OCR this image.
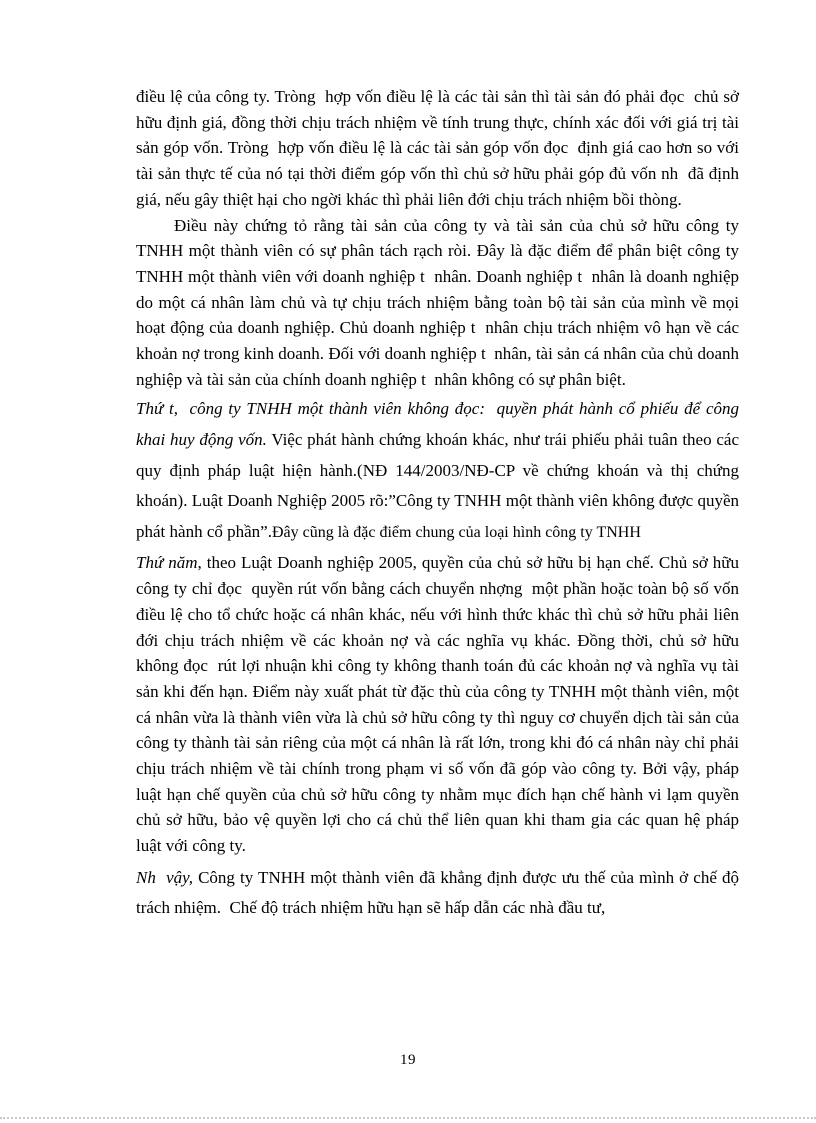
điều lệ của công ty. Tròng  hợp vốn điều lệ là các tài sản thì tài sản đó phải đọc  chủ sở hữu định giá, đồng thời chịu trách nhiệm về tính trung thực, chính xác đối với giá trị tài sản góp vốn. Tròng  hợp vốn điều lệ là các tài sản góp vốn đọc  định giá cao hơn so với tài sản thực tế của nó tại thời điểm góp vốn thì chủ sở hữu phải góp đủ vốn nh  đã định giá, nếu gây thiệt hại cho ngời khác thì phải liên đới chịu trách nhiệm bồi thòng.

Điều này chứng tỏ rằng tài sản của công ty và tài sản của chủ sở hữu công ty TNHH một thành viên có sự phân tách rạch ròi. Đây là đặc điểm để phân biệt công ty TNHH một thành viên với doanh nghiệp t  nhân. Doanh nghiệp t  nhân là doanh nghiệp do một cá nhân làm chủ và tự chịu trách nhiệm bằng toàn bộ tài sản của mình về mọi hoạt động của doanh nghiệp. Chủ doanh nghiệp t  nhân chịu trách nhiệm vô hạn về các khoản nợ trong kinh doanh. Đối với doanh nghiệp t  nhân, tài sản cá nhân của chủ doanh nghiệp và tài sản của chính doanh nghiệp t  nhân không có sự phân biệt.

Thứ t,  công ty TNHH một thành viên không đọc:  quyền phát hành cổ phiếu để công khai huy động vốn. Việc phát hành chứng khoán khác, như trái phiếu phải tuân theo các quy định pháp luật hiện hành.(NĐ 144/2003/NĐ-CP về chứng khoán và thị chứng khoán). Luật Doanh Nghiệp 2005 rõ:”Công ty TNHH một thành viên không được quyền phát hành cổ phần”.Đây cũng là đặc điểm chung của loại hình công ty TNHH

Thứ năm, theo Luật Doanh nghiệp 2005, quyền của chủ sở hữu bị hạn chế. Chủ sở hữu công ty chỉ đọc  quyền rút vốn bằng cách chuyển nhợng  một phần hoặc toàn bộ số vốn điều lệ cho tổ chức hoặc cá nhân khác, nếu với hình thức khác thì chủ sở hữu phải liên đới chịu trách nhiệm về các khoản nợ và các nghĩa vụ khác. Đồng thời, chủ sở hữu không đọc  rút lợi nhuận khi công ty không thanh toán đủ các khoản nợ và nghĩa vụ tài sản khi đến hạn. Điểm này xuất phát từ đặc thù của công ty TNHH một thành viên, một cá nhân vừa là thành viên vừa là chủ sở hữu công ty thì nguy cơ chuyển dịch tài sản của công ty thành tài sản riêng của một cá nhân là rất lớn, trong khi đó cá nhân này chỉ phải chịu trách nhiệm về tài chính trong phạm vi số vốn đã góp vào công ty. Bởi vậy, pháp luật hạn chế quyền của chủ sở hữu công ty nhằm mục đích hạn chế hành vi lạm quyền chủ sở hữu, bảo vệ quyền lợi cho cá chủ thể liên quan khi tham gia các quan hệ pháp luật với công ty.

Nh  vậy, Công ty TNHH một thành viên đã khẳng định được ưu thế của mình ở chế độ trách nhiệm.  Chế độ trách nhiệm hữu hạn sẽ hấp dẫn các nhà đầu tư,

19
